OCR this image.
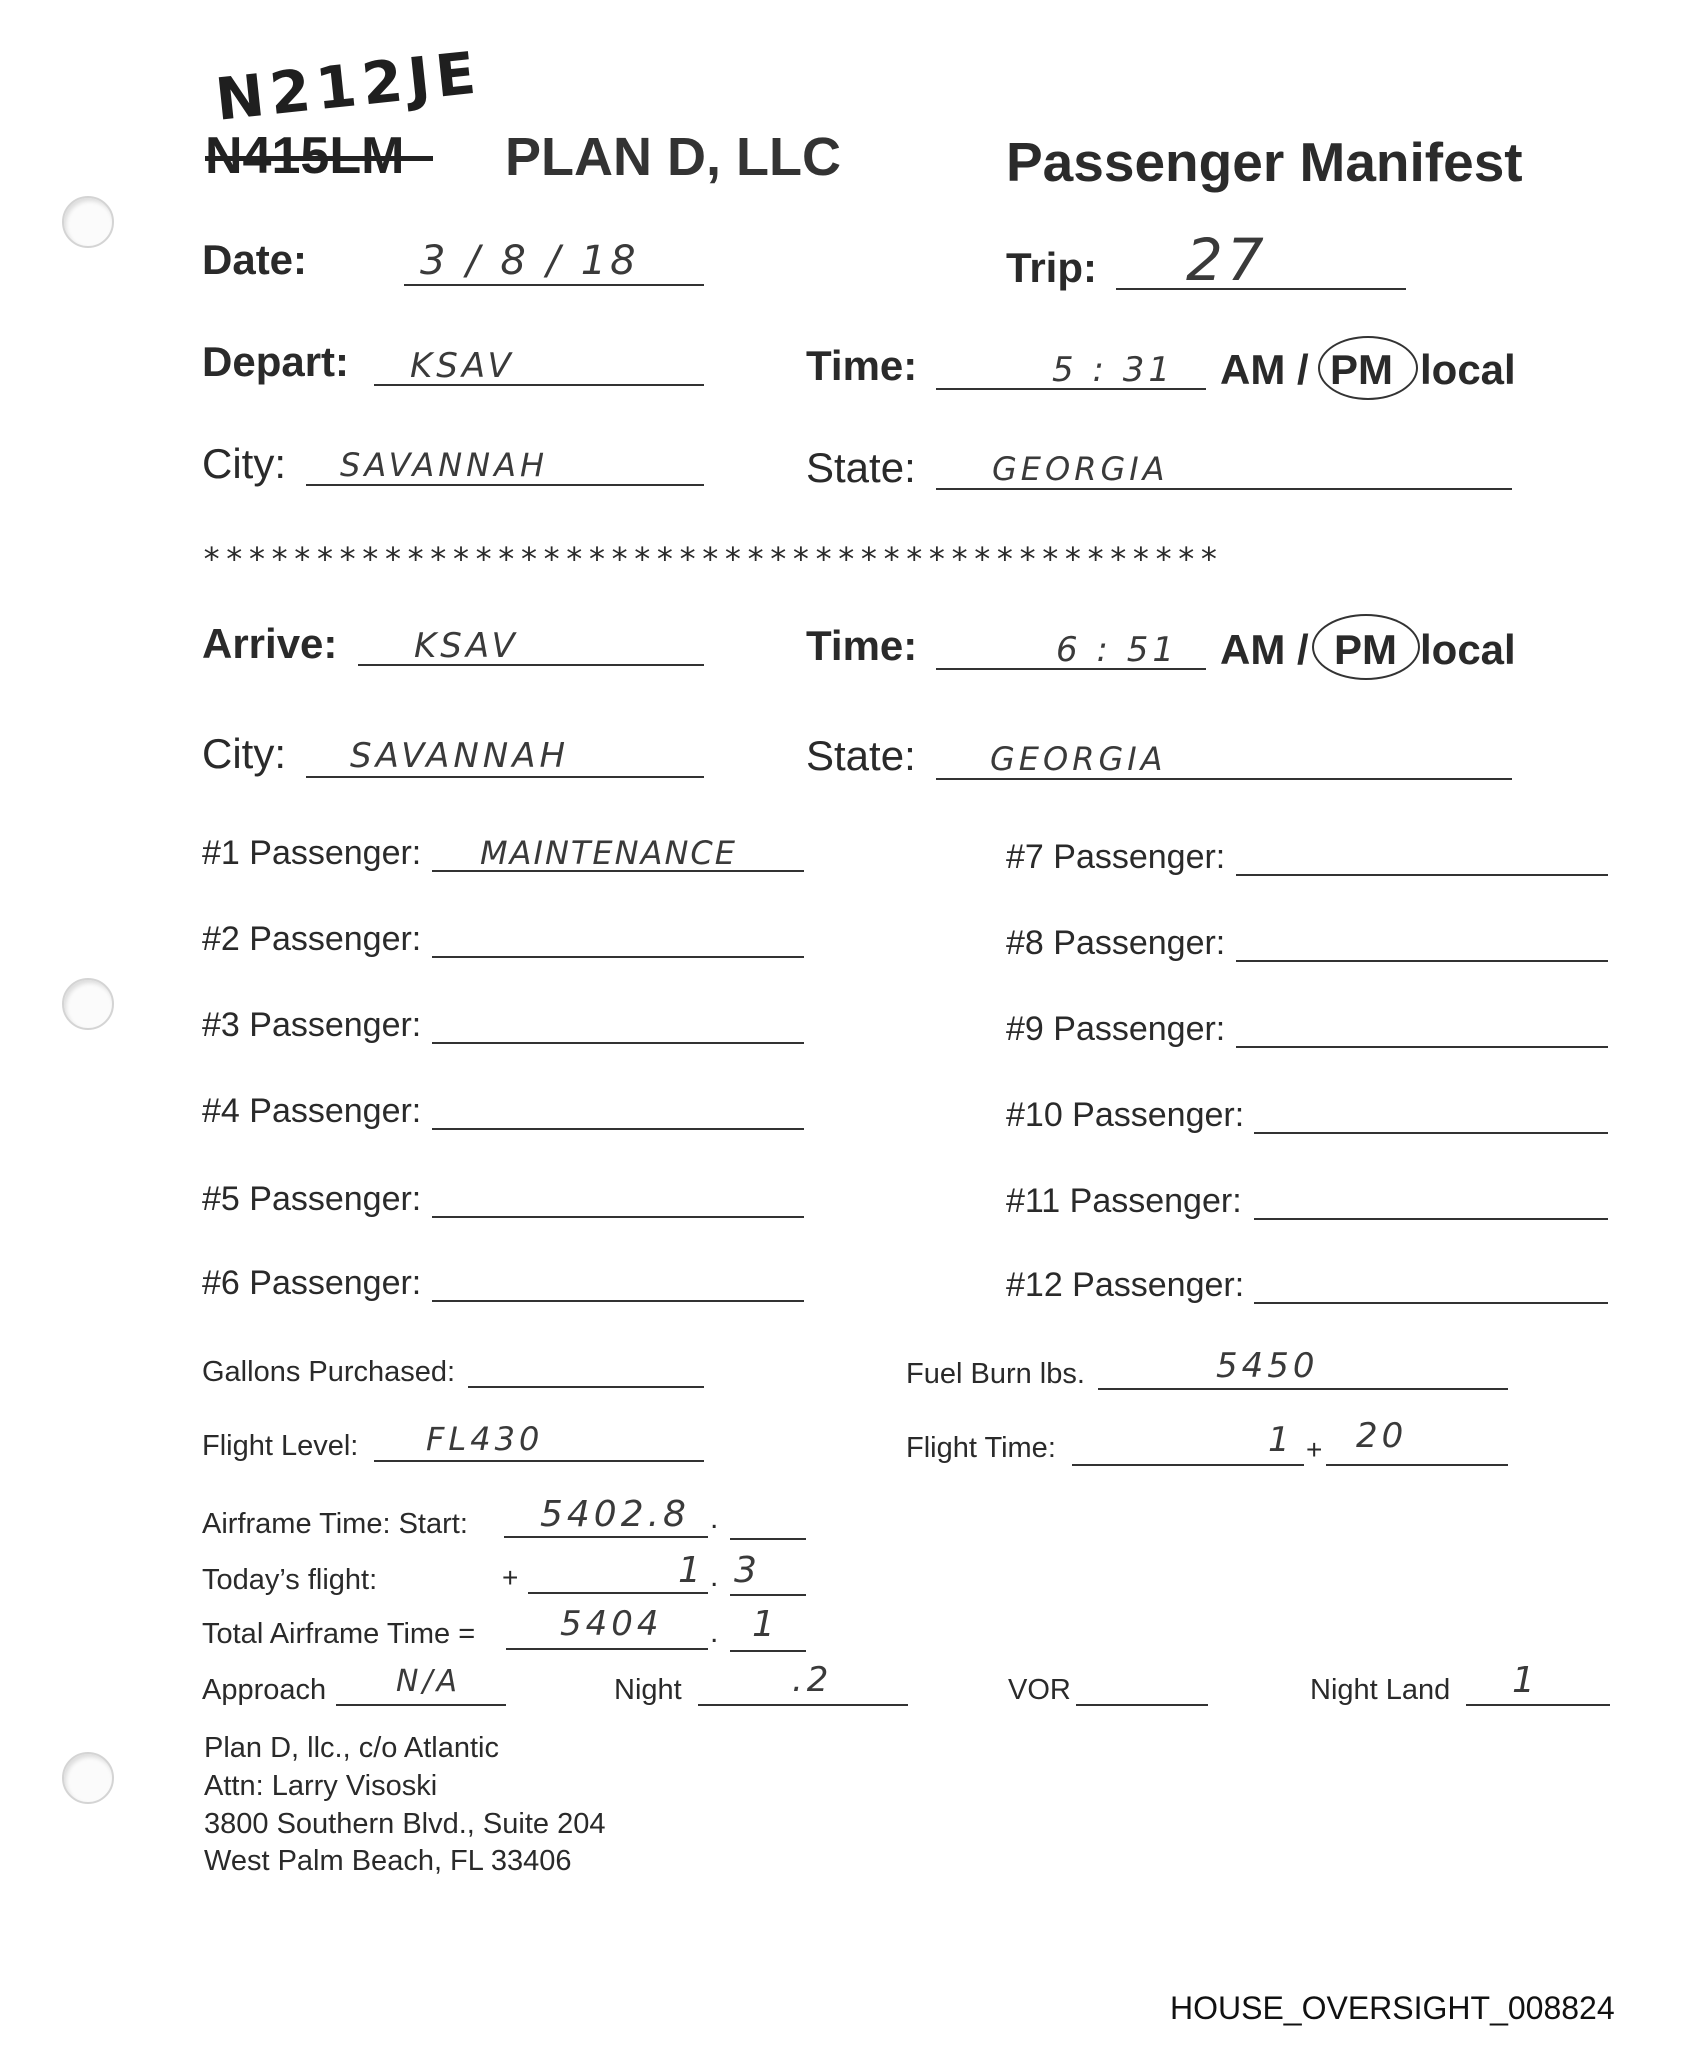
N212JE
N415LM PLAN D, LLC	Passenger Manifest
Date:	3 / 8 / 18	Trip: 27
Depart: KSAV	Time:	5 : 31 AM / PM local
City: SAVANNAH	State: GEORGIA
*********************************************
Arrive: KSAV	Time:	6 : 51 AM / PM local
City: SAVANNAH	State: GEORGIA
#1 Passenger: MAINTENANCE
#2 Passenger:
#3 Passenger:
#4 Passenger:
#5 Passenger:
#6 Passenger:
#7 Passenger:
#8 Passenger:
#9 Passenger:
#10 Passenger:
#11 Passenger:
#12 Passenger:
Gallons Purchased:	Fuel Burn lbs.	5450
Flight Level: FL430	Flight Time:	1 + 20
Airframe Time: Start: 5402.8 .
Today’s flight:	+	1 . 3
Total Airframe Time = 5404 . 1
Approach N/A	Night	.2	VOR	Night Land 1
Plan D, llc., c/o Atlantic
Attn: Larry Visoski
3800 Southern Blvd., Suite 204
West Palm Beach, FL 33406
HOUSE_OVERSIGHT_008824
